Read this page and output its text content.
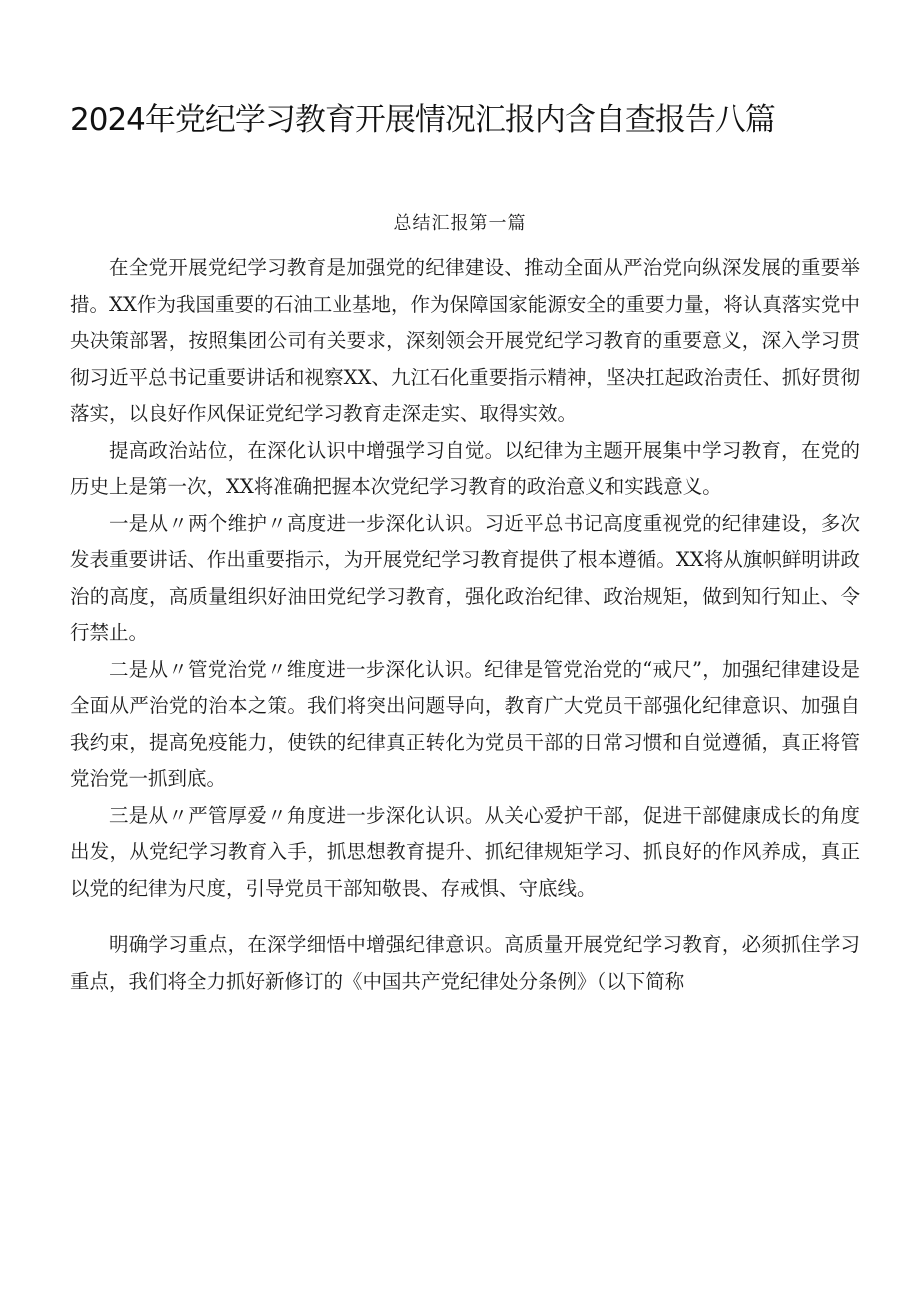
2024年党纪学习教育开展情况汇报内含自查报告八篇
总结汇报第一篇

在全党开展党纪学习教育是加强党的纪律建设、推动全面从严治党向纵深发展的重要举措。XX作为我国重要的石油工业基地，作为保障国家能源安全的重要力量，将认真落实党中央决策部署，按照集团公司有关要求，深刻领会开展党纪学习教育的重要意义，深入学习贯彻习近平总书记重要讲话和视察XX、九江石化重要指示精神，坚决扛起政治责任、抓好贯彻落实，以良好作风保证党纪学习教育走深走实、取得实效。

提高政治站位，在深化认识中增强学习自觉。以纪律为主题开展集中学习教育，在党的历史上是第一次，XX将准确把握本次党纪学习教育的政治意义和实践意义。

一是从〃两个维护〃高度进一步深化认识。习近平总书记高度重视党的纪律建设，多次发表重要讲话、作出重要指示，为开展党纪学习教育提供了根本遵循。XX将从旗帜鲜明讲政治的高度，高质量组织好油田党纪学习教育，强化政治纪律、政治规矩，做到知行知止、令行禁止。

二是从〃管党治党〃维度进一步深化认识。纪律是管党治党的“戒尺”，加强纪律建设是全面从严治党的治本之策。我们将突出问题导向，教育广大党员干部强化纪律意识、加强自我约束，提高免疫能力，使铁的纪律真正转化为党员干部的日常习惯和自觉遵循，真正将管党治党一抓到底。

三是从〃严管厚爱〃角度进一步深化认识。从关心爱护干部，促进干部健康成长的角度出发，从党纪学习教育入手，抓思想教育提升、抓纪律规矩学习、抓良好的作风养成，真正以党的纪律为尺度，引导党员干部知敬畏、存戒惧、守底线。

明确学习重点，在深学细悟中增强纪律意识。高质量开展党纪学习教育，必须抓住学习重点，我们将全力抓好新修订的《中国共产党纪律处分条例》（以下简称
